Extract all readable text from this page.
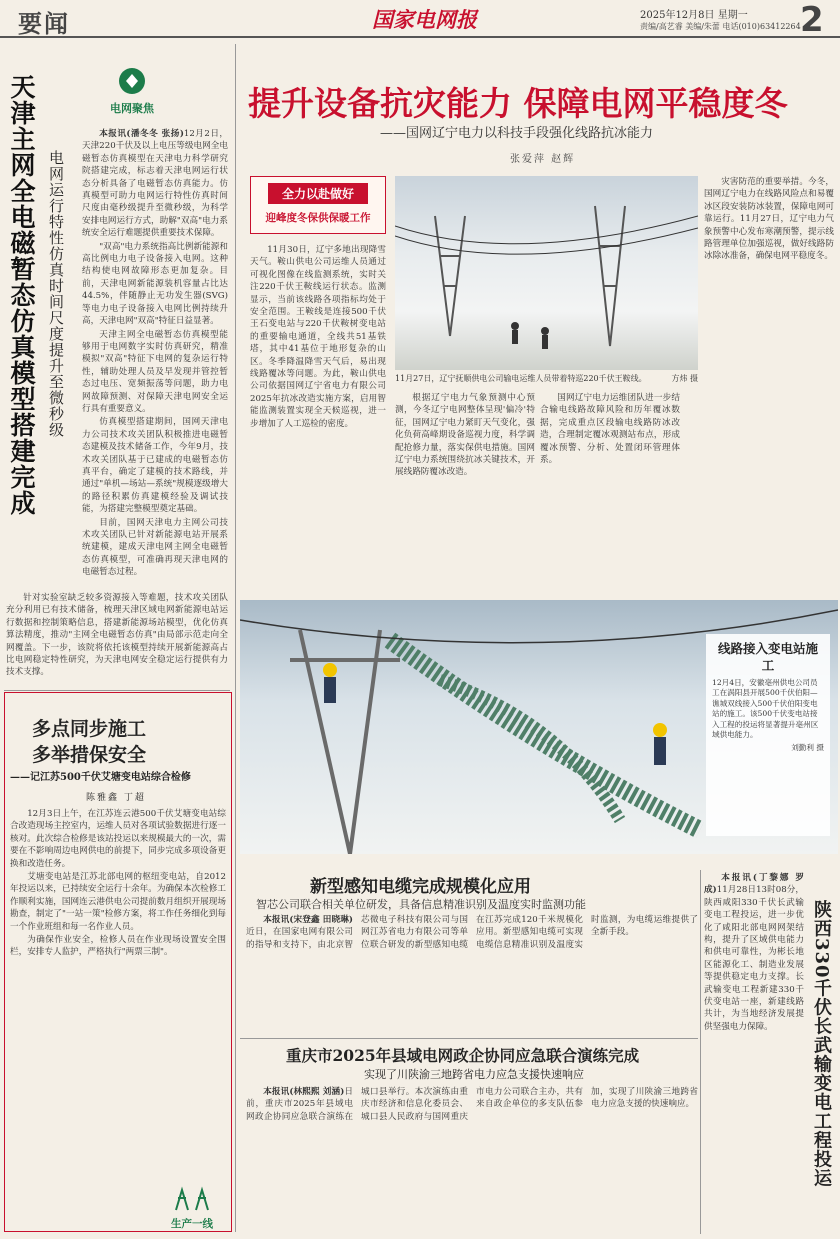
要闻	国家电网报	2025年12月8日 星期一
责编/高艺睿 美编/朱蕾 电话(010)63412264 2
天津主网全电磁暂态仿真模型搭建完成 电网运行特性仿真时间尺度提升至微秒级
电网聚焦

本报讯(潘冬冬 张扬)12月2日，天津220千伏及以上电压等级电网全电磁暂态仿真模型在天津电力科学研究院搭建完成，标志着天津电网运行状态分析具备了电磁暂态仿真能力。仿真模型可助力电网运行特性仿真时间尺度由毫秒级提升至微秒级，为科学安排电网运行方式，助解"双高"电力系统安全运行难题提供重要技术保障。

"双高"电力系统指高比例新能源和高比例电力电子设备接入电网。这种结构使电网故障形态更加复杂。目前，天津电网新能源装机容量占比达44.5%，伴随静止无功发生器(SVG)等电力电子设备接入电网比例持续升高，天津电网"双高"特征日益显著。

天津主网全电磁暂态仿真模型能够用于电网数字实时仿真研究，精准模拟"双高"特征下电网的复杂运行特性，辅助处理人员及早发现并管控暂态过电压、宽频振荡等问题，助力电网故障预测、对保障天津电网安全运行具有重要意义。

仿真模型搭建期间，国网天津电力公司技术攻关团队积极推进电磁暂态建模及技术储备工作，今年9月，技术攻关团队基于已建成的电磁暂态仿真平台，确定了建模的技术路线，并通过"单机—场站—系统"规模逐级增大的路径积累仿真建模经验及调试技能，为搭建完整模型奠定基础。

目前，国网天津电力主网公司技术攻关团队已针对新能源电站开展系统建模，建成天津电网主网全电磁暂态仿真模型，可准确再现天津电网的电磁暂态过程。

针对实验室缺乏较多资源接入等难题，技术攻关团队充分利用已有技术储备，梳理天津区域电网新能源电站运行数据和控制策略信息，搭建新能源场站模型，优化仿真算法精度，推动"主网全电磁暂态仿真"由局部示范走向全网覆盖。下一步，该院将依托该模型持续开展新能源高占比电网稳定特性研究，为天津电网安全稳定运行提供有力技术支撑。

提升设备抗灾能力 保障电网平稳度冬
——国网辽宁电力以科技手段强化线路抗冰能力
张爱萍 赵辉
全力以赴做好
迎峰度冬保供保暖工作

11月30日，辽宁多地出现降雪天气。鞍山供电公司运维人员通过可视化图像在线监测系统，实时关注220千伏王鞍线运行状态。监测显示，当前该线路各项指标均处于安全范围。王鞍线是连接500千伏王石变电站与220千伏鞍树变电站的重要输电通道，全线共51基铁塔，其中41基位于地形复杂的山区。冬季降温降雪天气后，易出现线路覆冰等问题。为此，鞍山供电公司依据国网辽宁省电力有限公司2025年抗冰改造实施方案，启用智能监测装置实现全天候巡视，进一步增加了人工巡检的密度。

11月27日，辽宁抚顺供电公司输电运维人员带着特巡220千伏王鞍线。	方炜 摄

根据辽宁电力气象预测中心预测，今冬辽宁电网整体呈现'偏冷'特征，国网辽宁电力紧盯天气变化，强化负荷高峰期设备巡视力度，科学调配抢修力量，落实保供电措施。国网辽宁电力系统围绕抗冰关键技术，开展线路防覆冰改造。

国网辽宁电力运维团队进一步结合输电线路故障风险和历年覆冰数据，完成重点区段输电线路防冰改造，合理制定覆冰观测站布点，形成覆冰预警、分析、处置闭环管理体系。

灾害防范的重要举措。今冬，国网辽宁电力在线路风险点和易覆冰区段安装防冰装置，保障电网可靠运行。11月27日，辽宁电力气象预警中心发布寒潮预警，提示线路管理单位加强巡视，做好线路防冰除冰准备，确保电网平稳度冬。

线路接入变电站施工
12月4日，安徽亳州供电公司员工在涡阳县开展500千伏伯阳—谯城双线接入500千伏伯阳变电站的施工。该500千伏变电站接入工程的投运将显著提升亳州区域供电能力。
刘勤利 摄
多点同步施工
多举措保安全
——记江苏500千伏艾塘变电站综合检修
陈雅鑫 丁超

12月3日上午，在江苏连云港500千伏艾塘变电站综合改造现场主控室内，运维人员对各项试验数据进行逐一核对。此次综合检修是该站投运以来规模最大的一次，需要在不影响周边电网供电的前提下，同步完成多项设备更换和改造任务。

艾塘变电站是江苏北部电网的枢纽变电站，自2012年投运以来，已持续安全运行十余年。为确保本次检修工作顺利实施，国网连云港供电公司提前数月组织开展现场勘查，制定了"一站一策"检修方案，将工作任务细化到每一个作业班组和每一名作业人员。

为确保作业安全，检修人员在作业现场设置安全围栏，安排专人监护，严格执行"两票三制"。

生产一线
新型感知电缆完成规模化应用
智芯公司联合相关单位研发，具备信息精准识别及温度实时监测功能

本报讯(宋登鑫 田晓琳)近日，在国家电网有限公司的指导和支持下，由北京智芯微电子科技有限公司与国网江苏省电力有限公司等单位联合研发的新型感知电缆在江苏完成120千米规模化应用。新型感知电缆可实现电缆信息精准识别及温度实时监测，为电缆运维提供了全新手段。

重庆市2025年县域电网政企协同应急联合演练完成
实现了川陕渝三地跨省电力应急支援快速响应

本报讯(林熙熙 刘涵)日前，重庆市2025年县域电网政企协同应急联合演练在城口县举行。本次演练由重庆市经济和信息化委员会、城口县人民政府与国网重庆市电力公司联合主办，共有来自政企单位的多支队伍参加，实现了川陕渝三地跨省电力应急支援的快速响应。

本报讯(丁黎娜 罗成)11月28日13时08分，陕西咸阳330千伏长武输变电工程投运，进一步优化了咸阳北部电网网架结构，提升了区域供电能力和供电可靠性，为彬长地区能源化工、制造业发展等提供稳定电力支撑。长武输变电工程新建330千伏变电站一座，新建线路共计，为当地经济发展提供坚强电力保障。	陕西330千伏长武输变电工程投运
